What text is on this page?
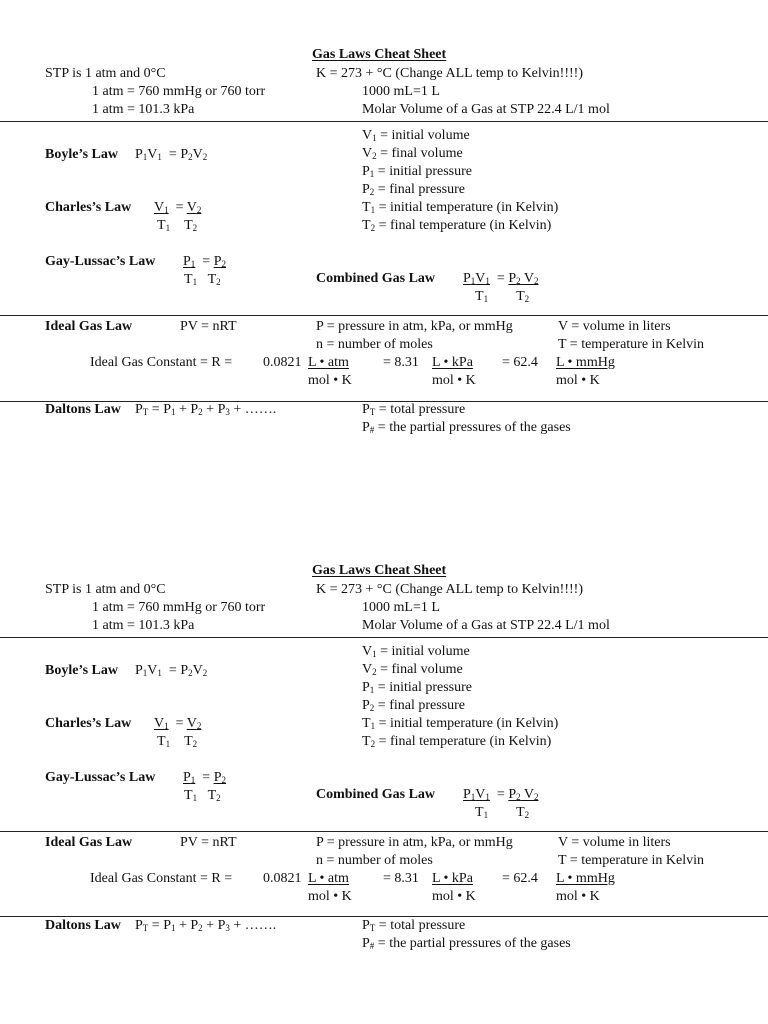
Gas Laws Cheat Sheet
STP is 1 atm and 0°C
1 atm = 760 mmHg or 760 torr
1 atm = 101.3 kPa
K = 273 + °C (Change ALL temp to Kelvin!!!!)
1000 mL=1 L
Molar Volume of a Gas at STP 22.4 L/1 mol
$V_1$ = initial volume
$V_2$ = final volume
$P_1$ = initial pressure
$P_2$ = final pressure
$T_1$ = initial temperature (in Kelvin)
$T_2$ = final temperature (in Kelvin)
Boyle’s Law $P_1V_1 = P_2V_2$
Charles’s Law $V_1 = V_2$
$T_1$    $T_2$
Gay-Lussac’s Law $P_1 = P_2$
$T_1$   $T_2$	Combined Gas Law $P_1V_1 = P_2$ $V_2$
$T_1$        $T_2$
Ideal Gas Law	PV = nRT	P = pressure in atm, kPa, or mmHg	V = volume in liters
n = number of moles	T = temperature in Kelvin
Ideal Gas Constant = R = 0.0821 L • atm
mol • K
= 8.31 L • kPa
mol • K
= 62.4 L • mmHg
mol • K
Daltons Law $P_T = P_1 + P_2 + P_3$ + …….	$P_T$ = total pressure
$P_{\#}$ = the partial pressures of the gases
Gas Laws Cheat Sheet
STP is 1 atm and 0°C
1 atm = 760 mmHg or 760 torr
1 atm = 101.3 kPa
K = 273 + °C (Change ALL temp to Kelvin!!!!)
1000 mL=1 L
Molar Volume of a Gas at STP 22.4 L/1 mol
$V_1$ = initial volume
$V_2$ = final volume
$P_1$ = initial pressure
$P_2$ = final pressure
$T_1$ = initial temperature (in Kelvin)
$T_2$ = final temperature (in Kelvin)
Boyle’s Law $P_1V_1 = P_2V_2$
Charles’s Law $V_1 = V_2$
$T_1$    $T_2$
Gay-Lussac’s Law $P_1 = P_2$
$T_1$   $T_2$	Combined Gas Law $P_1V_1 = P_2$ $V_2$
$T_1$        $T_2$
Ideal Gas Law	PV = nRT	P = pressure in atm, kPa, or mmHg	V = volume in liters
n = number of moles	T = temperature in Kelvin
Ideal Gas Constant = R = 0.0821 L • atm
mol • K
= 8.31 L • kPa
mol • K
= 62.4 L • mmHg
mol • K
Daltons Law $P_T = P_1 + P_2 + P_3$ + …….	$P_T$ = total pressure
$P_{\#}$ = the partial pressures of the gases
